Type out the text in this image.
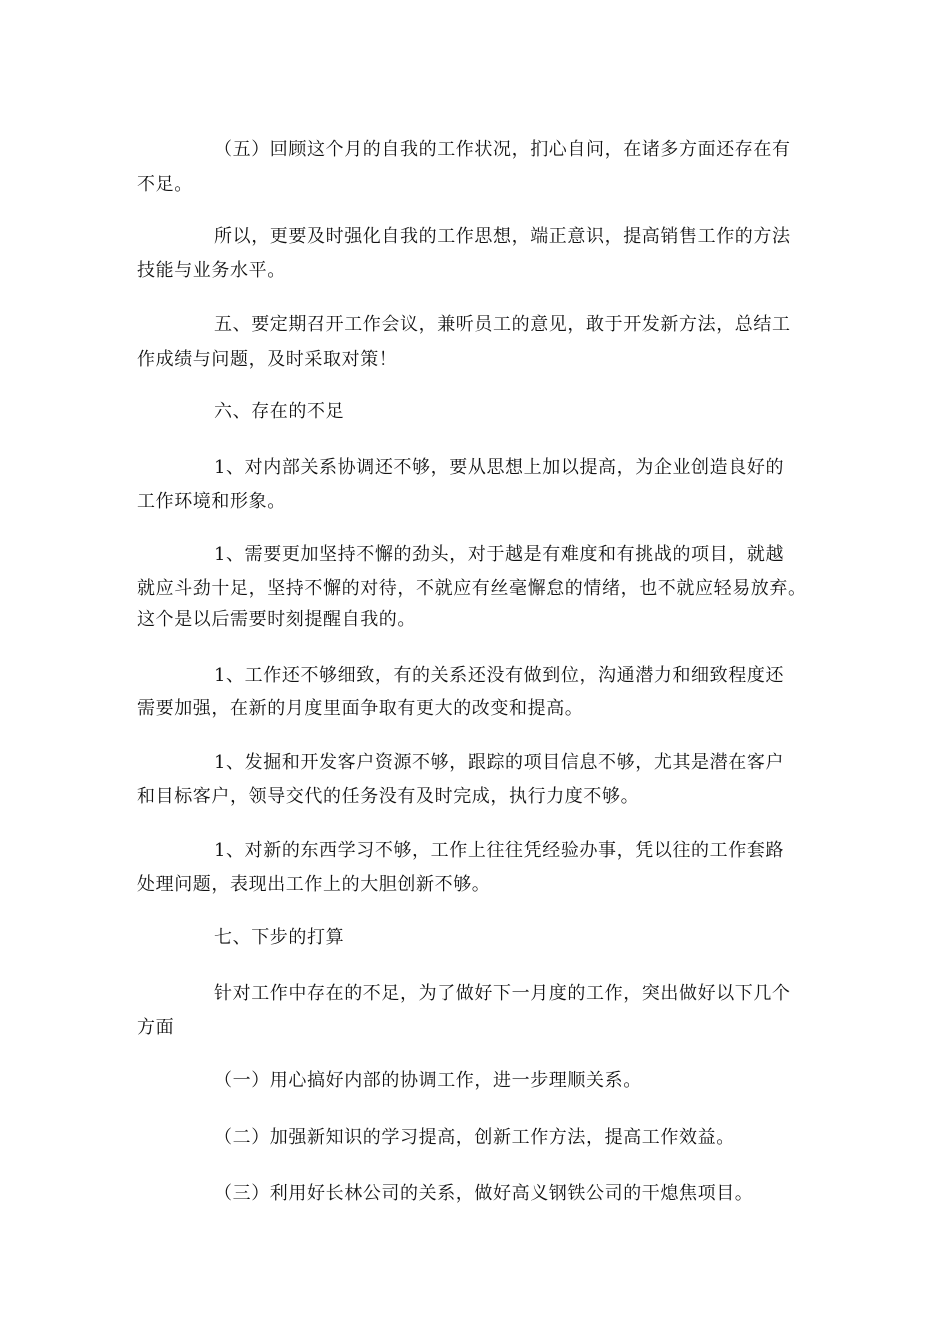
（五）回顾这个月的自我的工作状况，扪心自问，在诸多方面还存在有
不足。
所以，更要及时强化自我的工作思想，端正意识，提高销售工作的方法
技能与业务水平。
五、要定期召开工作会议，兼听员工的意见，敢于开发新方法，总结工
作成绩与问题，及时采取对策！
六、存在的不足
1、对内部关系协调还不够，要从思想上加以提高，为企业创造良好的
工作环境和形象。
1、需要更加坚持不懈的劲头，对于越是有难度和有挑战的项目，就越
就应斗劲十足，坚持不懈的对待，不就应有丝毫懈怠的情绪，也不就应轻易放弃。
这个是以后需要时刻提醒自我的。
1、工作还不够细致，有的关系还没有做到位，沟通潜力和细致程度还
需要加强，在新的月度里面争取有更大的改变和提高。
1、发掘和开发客户资源不够，跟踪的项目信息不够，尤其是潜在客户
和目标客户，领导交代的任务没有及时完成，执行力度不够。
1、对新的东西学习不够，工作上往往凭经验办事，凭以往的工作套路
处理问题，表现出工作上的大胆创新不够。
七、下步的打算
针对工作中存在的不足，为了做好下一月度的工作，突出做好以下几个
方面
（一）用心搞好内部的协调工作，进一步理顺关系。
（二）加强新知识的学习提高，创新工作方法，提高工作效益。
（三）利用好长林公司的关系，做好高义钢铁公司的干熄焦项目。
